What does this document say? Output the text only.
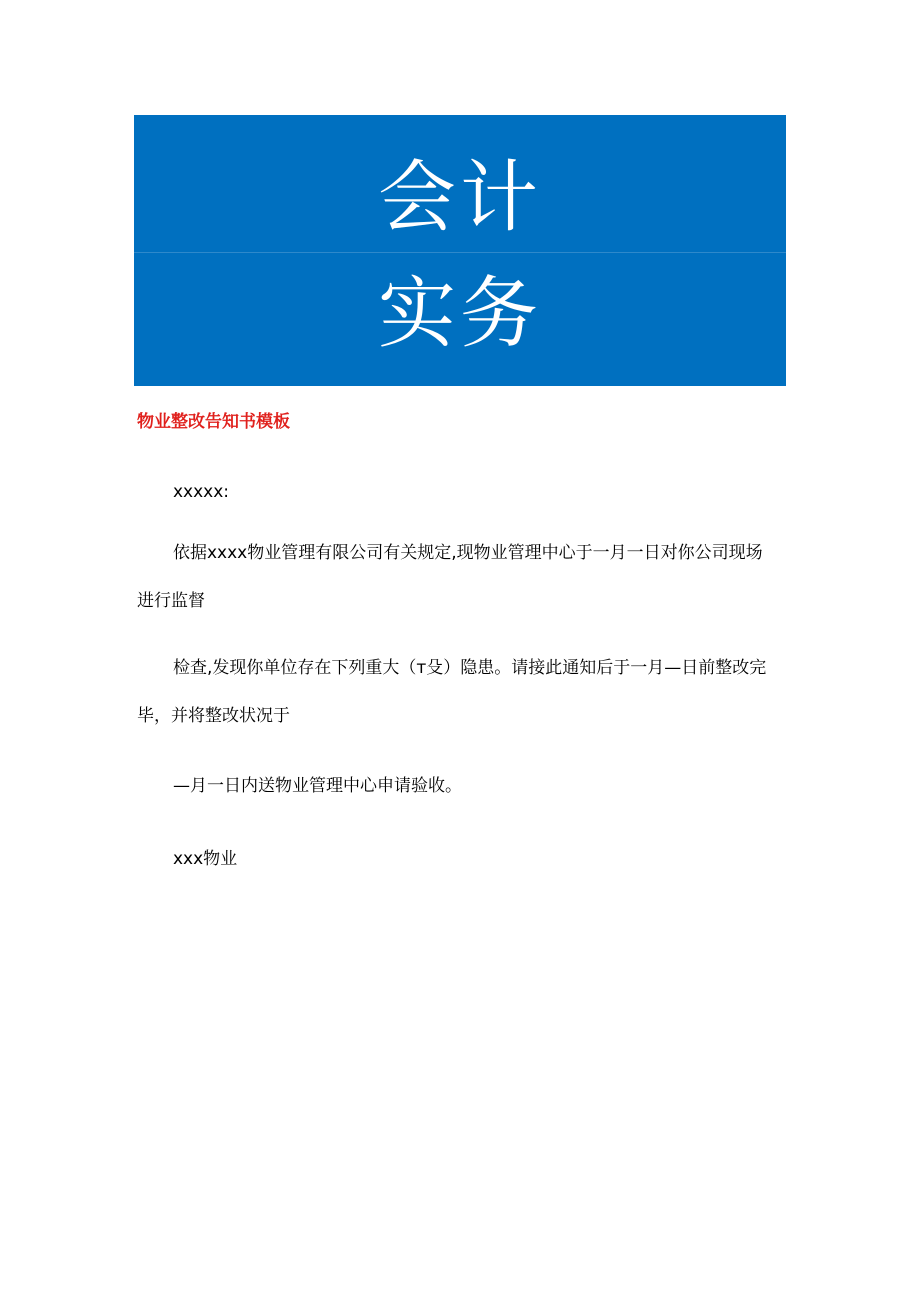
会计
实务
物业整改告知书模板
xxxxx:
依据xxxx物业管理有限公司有关规定,现物业管理中心于一月一日对你公司现场进行监督
检查,发现你单位存在下列重大（т殳）隐患。请接此通知后于一月—日前整改完毕，并将整改状况于
—月一日内送物业管理中心申请验收。
xxx物业
